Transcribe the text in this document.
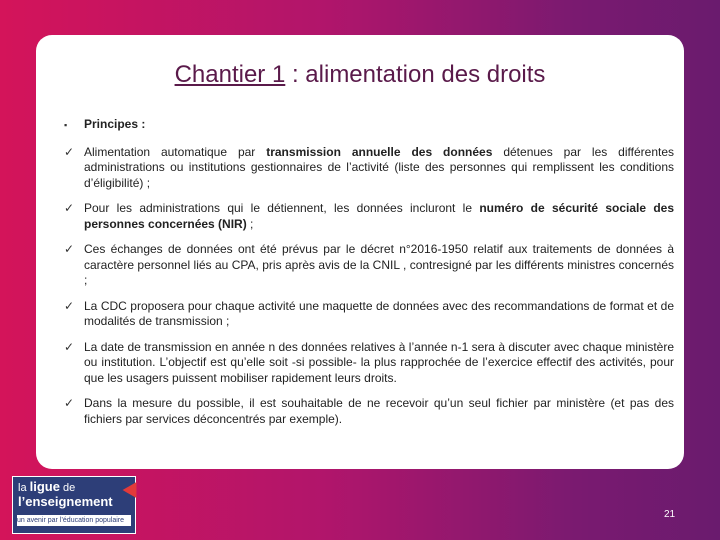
Chantier 1 : alimentation des droits
▪	Principes :
✓ Alimentation automatique par transmission annuelle des données détenues par les différentes administrations ou institutions gestionnaires de l’activité (liste des personnes qui remplissent les conditions d’éligibilité) ;
✓ Pour les administrations qui le détiennent, les données incluront le numéro de sécurité sociale des personnes concernées (NIR) ;
✓ Ces échanges de données ont été prévus par le décret n°2016-1950 relatif aux traitements de données à caractère personnel liés au CPA, pris après avis de la CNIL , contresigné par les différents ministres concernés ;
✓ La CDC proposera pour chaque activité une maquette de données avec des recommandations de format et de modalités de transmission ;
✓ La date de transmission en année n des données relatives à l’année n-1 sera à discuter avec chaque ministère ou institution. L’objectif est qu’elle soit -si possible- la plus rapprochée de l’exercice effectif des activités, pour que les usagers puissent mobiliser rapidement leurs droits.
✓ Dans la mesure du possible, il est souhaitable de ne recevoir qu’un seul fichier par ministère (et pas des fichiers par services déconcentrés par exemple).
la ligue de
l’enseignement
un avenir par l’éducation populaire
21
